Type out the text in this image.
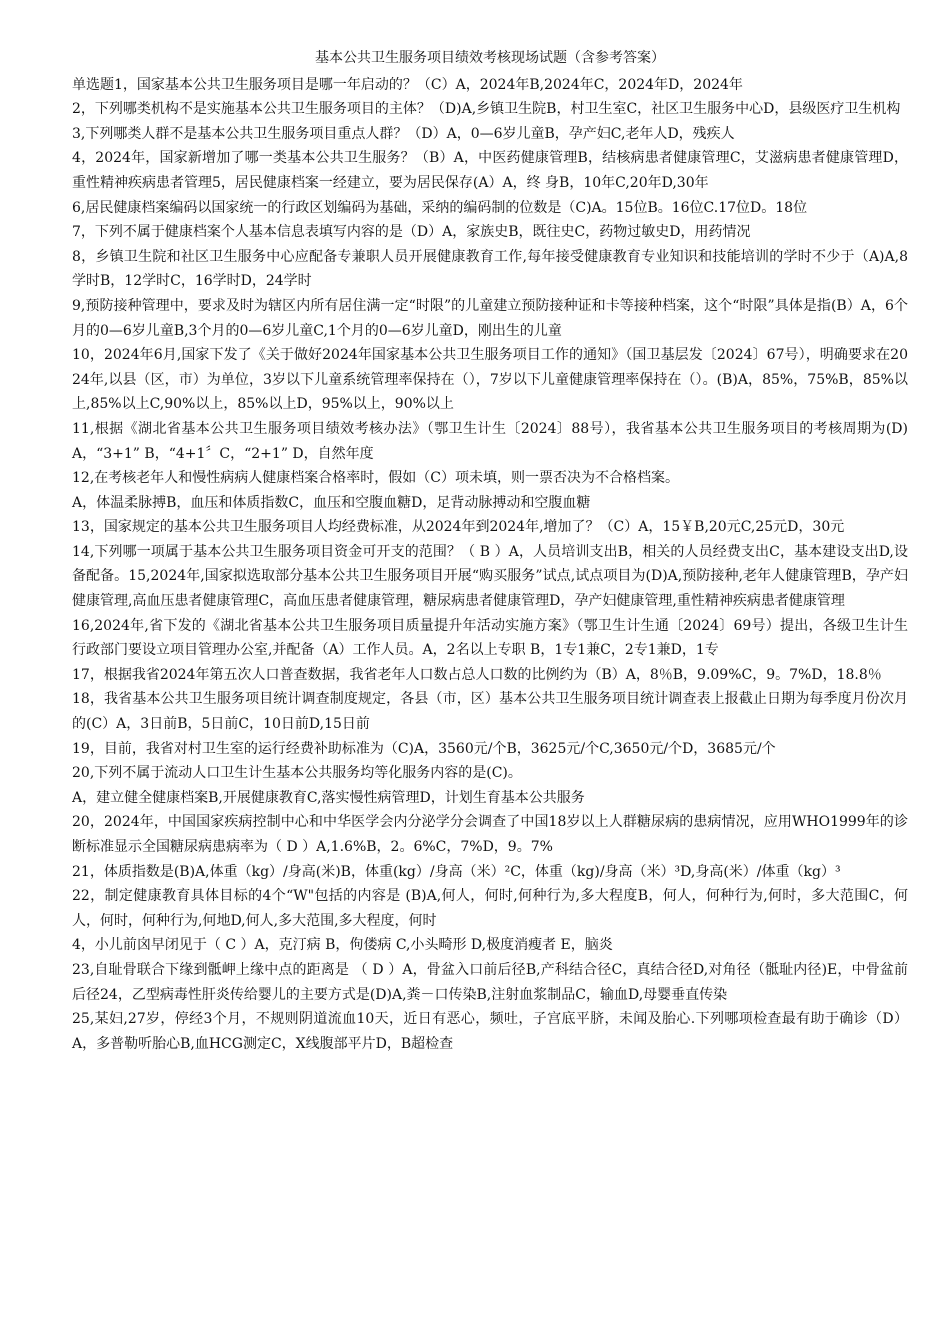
基本公共卫生服务项目绩效考核现场试题（含参考答案）

单选题1，国家基本公共卫生服务项目是哪一年启动的？（C）A，2024年B,2024年C，2024年D，2024年

2，下列哪类机构不是实施基本公共卫生服务项目的主体？（D)A,乡镇卫生院B，村卫生室C，社区卫生服务中心D，县级医疗卫生机构

3,下列哪类人群不是基本公共卫生服务项目重点人群？（D）A，0—6岁儿童B，孕产妇C,老年人D，残疾人

4，2024年，国家新增加了哪一类基本公共卫生服务？（B）A，中医药健康管理B，结核病患者健康管理C，艾滋病患者健康管理D，重性精神疾病患者管理5，居民健康档案一经建立，要为居民保存(A）A，终 身B，10年C,20年D,30年

6,居民健康档案编码以国家统一的行政区划编码为基础，采纳的编码制的位数是（C)A。15位B。16位C.17位D。18位

7，下列不属于健康档案个人基本信息表填写内容的是（D）A，家族史B，既往史C，药物过敏史D，用药情况

8，乡镇卫生院和社区卫生服务中心应配备专兼职人员开展健康教育工作,每年接受健康教育专业知识和技能培训的学时不少于（A)A,8学时B，12学时C，16学时D，24学时

9,预防接种管理中，要求及时为辖区内所有居住满一定“时限”的儿童建立预防接种证和卡等接种档案，这个“时限”具体是指(B）A，6个月的0—6岁儿童B,3个月的0—6岁儿童C,1个月的0—6岁儿童D，刚出生的儿童

10，2024年6月,国家下发了《关于做好2024年国家基本公共卫生服务项目工作的通知》（国卫基层发〔2024〕67号），明确要求在2024年,以县（区，市）为单位，3岁以下儿童系统管理率保持在（），7岁以下儿童健康管理率保持在（）。(B)A，85%，75%B，85%以上,85%以上C,90%以上，85%以上D，95%以上，90%以上

11,根据《湖北省基本公共卫生服务项目绩效考核办法》（鄂卫生计生〔2024〕88号），我省基本公共卫生服务项目的考核周期为(D)A，“3+1” B，“4+1〞C，“2+1” D，自然年度

12,在考核老年人和慢性病病人健康档案合格率时，假如（C）项未填，则一票否决为不合格档案。

A，体温柔脉搏B，血压和体质指数C，血压和空腹血糖D，足背动脉搏动和空腹血糖

13，国家规定的基本公共卫生服务项目人均经费标准，从2024年到2024年,增加了？（C）A，15￥B,20元C,25元D，30元

14,下列哪一项属于基本公共卫生服务项目资金可开支的范围？（ B ）A，人员培训支出B，相关的人员经费支出C，基本建设支出D,设备配备。15,2024年,国家拟选取部分基本公共卫生服务项目开展“购买服务”试点,试点项目为(D)A,预防接种,老年人健康管理B，孕产妇健康管理,高血压患者健康管理C，高血压患者健康管理，糖尿病患者健康管理D，孕产妇健康管理,重性精神疾病患者健康管理

16,2024年,省下发的《湖北省基本公共卫生服务项目质量提升年活动实施方案》（鄂卫生计生通〔2024〕69号）提出，各级卫生计生行政部门要设立项目管理办公室,并配备（A）工作人员。A，2名以上专职 B，1专1兼C，2专1兼D，1专

17，根据我省2024年第五次人口普查数据，我省老年人口数占总人口数的比例约为（B）A，8％B，9.09%C，9。7%D，18.8％

18，我省基本公共卫生服务项目统计调查制度规定，各县（市，区）基本公共卫生服务项目统计调查表上报截止日期为每季度月份次月的(C）A，3日前B，5日前C，10日前D,15日前

19，目前，我省对村卫生室的运行经费补助标准为（C)A，3560元/个B，3625元/个C,3650元/个D，3685元/个

20,下列不属于流动人口卫生计生基本公共服务均等化服务内容的是(C)。

A，建立健全健康档案B,开展健康教育C,落实慢性病管理D，计划生育基本公共服务

20，2024年，中国国家疾病控制中心和中华医学会内分泌学分会调查了中国18岁以上人群糖尿病的患病情况，应用WHO1999年的诊断标准显示全国糖尿病患病率为（ D ）A,1.6%B，2。6%C，7%D，9。7%

21，体质指数是(B)A,体重（kg）/身高(米)B，体重(kg）/身高（米）²C，体重（kg)/身高（米）³D,身高(米）/体重（kg）³

22，制定健康教育具体目标的4个“W"包括的内容是 (B)A,何人，何时,何种行为,多大程度B，何人，何种行为,何时，多大范围C，何人，何时，何种行为,何地D,何人,多大范围,多大程度，何时

4，小儿前囟早闭见于（ C ）A，克汀病 B，佝偻病 C,小头畸形 D,极度消瘦者 E，脑炎

23,自耻骨联合下缘到骶岬上缘中点的距离是 （ D ）A，骨盆入口前后径B,产科结合径C，真结合径D,对角径（骶耻内径)E，中骨盆前后径24，乙型病毒性肝炎传给婴儿的主要方式是(D)A,粪－口传染B,注射血浆制品C，输血D,母婴垂直传染

25,某妇,27岁，停经3个月，不规则阴道流血10天，近日有恶心，频吐，子宫底平脐，未闻及胎心.下列哪项检查最有助于确诊（D）A，多普勒听胎心B,血HCG测定C，X线腹部平片D，B超检查
